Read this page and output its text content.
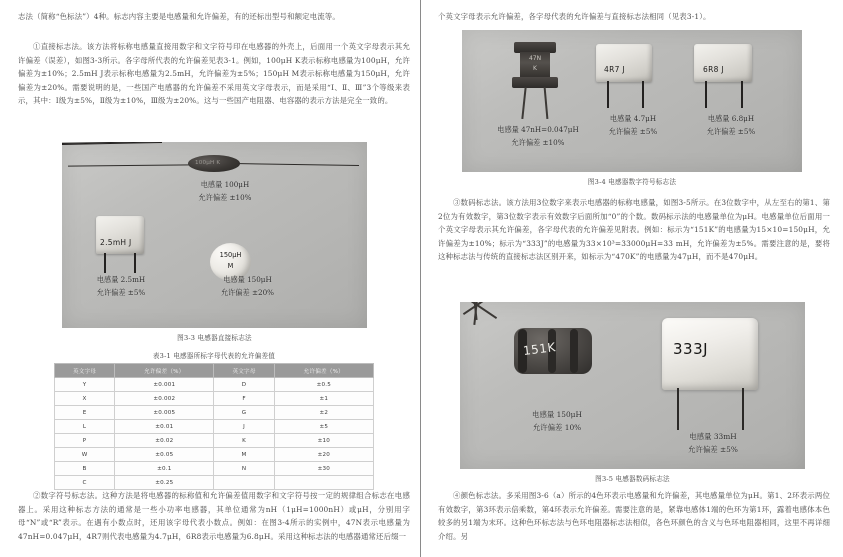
志法（简称“色标法”）4种。标志内容主要是电感量和允许偏差，有的还标出型号和额定电流等。

①直接标志法。该方法将标称电感量直接用数字和文字符号印在电感器的外壳上，后面用一个英文字母表示其允许偏差（误差），如图3-3所示。各字母所代表的允许偏差见表3-1。例如，100μH K表示标称电感量为100μH，允许偏差为±10%；2.5mH J表示标称电感量为2.5mH，允许偏差为±5%；150μH M表示标称电感量为150μH，允许偏差为±20%。需要说明的是，一些国产电感器的允许偏差不采用英文字母表示，而是采用“Ⅰ、Ⅱ、Ⅲ”3个等级来表示，其中：Ⅰ级为±5%，Ⅱ级为±10%，Ⅲ级为±20%。这与一些国产电阻器、电容器的表示方法是完全一致的。

100μH K
电感量 100μH
允许偏差 ±10%
2.5mH J
电感量 2.5mH
允许偏差 ±5%
150μH
M
电感量 150μH
允许偏差 ±20%
图3-3 电感器直接标志法
表3-1 电感器所标字母代表的允许偏差值
英文字母	允许偏差（%）	英文字母	允许偏差（%）
Y	±0.001	D	±0.5
X	±0.002	F	±1
E	±0.005	G	±2
L	±0.01	J	±5
P	±0.02	K	±10
W	±0.05	M	±20
B	±0.1	N	±30
C	±0.25		

②数字符号标志法。这种方法是将电感器的标称值和允许偏差值用数字和文字符号按一定的规律组合标志在电感器上。采用这种标志方法的通常是一些小功率电感器，其单位通常为nH（1μH=1000nH）或μH，分别用字母“N”或“R”表示。在遇有小数点时，还用该字母代表小数点。例如：在图3-4所示的实例中，47N表示电感量为47nH=0.047μH，4R7则代表电感量为4.7μH，6R8表示电感量为6.8μH。采用这种标志法的电感器通常还后缀一

个英文字母表示允许偏差，各字母代表的允许偏差与直接标志法相同（见表3-1）。

47N
K
电感量 47nH=0.047μH
允许偏差 ±10%
4R7 J
电感量 4.7μH
允许偏差 ±5%
6R8 J
电感量 6.8μH
允许偏差 ±5%
图3-4 电感器数字符号标志法

③数码标志法。该方法用3位数字来表示电感器的标称电感量，如图3-5所示。在3位数字中，从左至右的第1、第2位为有效数字，第3位数字表示有效数字后面所加“0”的个数。数码标示法的电感量单位为μH。电感量单位后面用一个英文字母表示其允许偏差，各字母代表的允许偏差见附表。例如：标示为“151K”的电感量为15×10=150μH，允许偏差为±10%；标示为“333J”的电感量为33×10³=33000μH=33 mH，允许偏差为±5%。需要注意的是，要将这种标志法与传统的直接标志法区别开来，如标示为“470K”的电感量为47μH，而不是470μH。

151K
电感量 150μH
允许偏差 10%
333J
电感量 33mH
允许偏差 ±5%
图3-5 电感器数码标志法

④颜色标志法。多采用图3-6（a）所示的4色环表示电感量和允许偏差，其电感量单位为μH。第1、2环表示两位有效数字，第3环表示倍乘数，第4环表示允许偏差。需要注意的是，紧靠电感体1端的色环为第1环，露着电感体本色较多的另1端为末环。这种色环标志法与色环电阻器标志法相似，各色环颜色的含义与色环电阻器相同，这里不再详细介绍。另
